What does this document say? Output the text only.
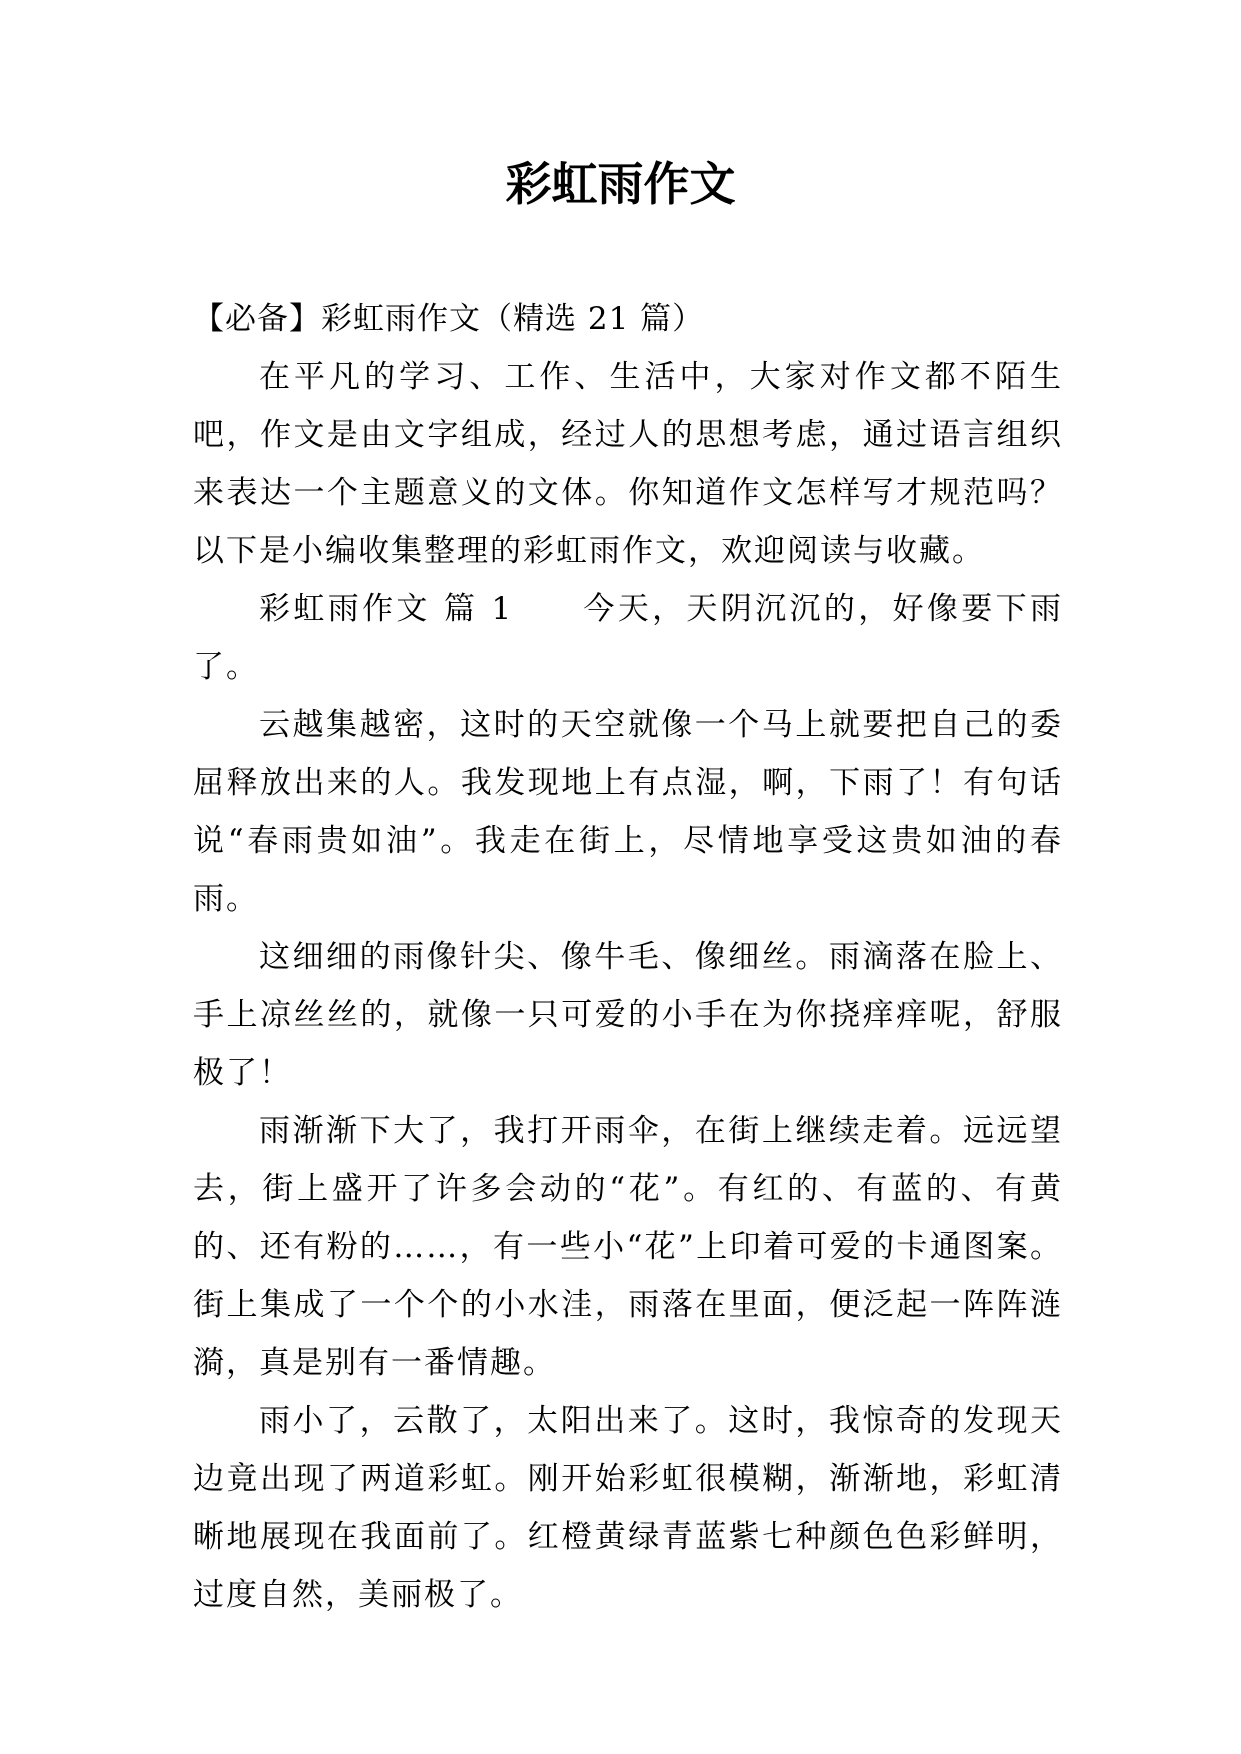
彩虹雨作文

【必备】彩虹雨作文（精选 21 篇）

在平凡的学习、工作、生活中，大家对作文都不陌生吧，作文是由文字组成，经过人的思想考虑，通过语言组织来表达一个主题意义的文体。你知道作文怎样写才规范吗？以下是小编收集整理的彩虹雨作文，欢迎阅读与收藏。

彩虹雨作文 篇 1　　今天，天阴沉沉的，好像要下雨了。

云越集越密，这时的天空就像一个马上就要把自己的委屈释放出来的人。我发现地上有点湿，啊，下雨了！有句话说“春雨贵如油”。我走在街上，尽情地享受这贵如油的春雨。

这细细的雨像针尖、像牛毛、像细丝。雨滴落在脸上、手上凉丝丝的，就像一只可爱的小手在为你挠痒痒呢，舒服极了！

雨渐渐下大了，我打开雨伞，在街上继续走着。远远望去，街上盛开了许多会动的“花”。有红的、有蓝的、有黄的、还有粉的……，有一些小“花”上印着可爱的卡通图案。街上集成了一个个的小水洼，雨落在里面，便泛起一阵阵涟漪，真是别有一番情趣。

雨小了，云散了，太阳出来了。这时，我惊奇的发现天边竟出现了两道彩虹。刚开始彩虹很模糊，渐渐地，彩虹清晰地展现在我面前了。红橙黄绿青蓝紫七种颜色色彩鲜明，过度自然，美丽极了。
